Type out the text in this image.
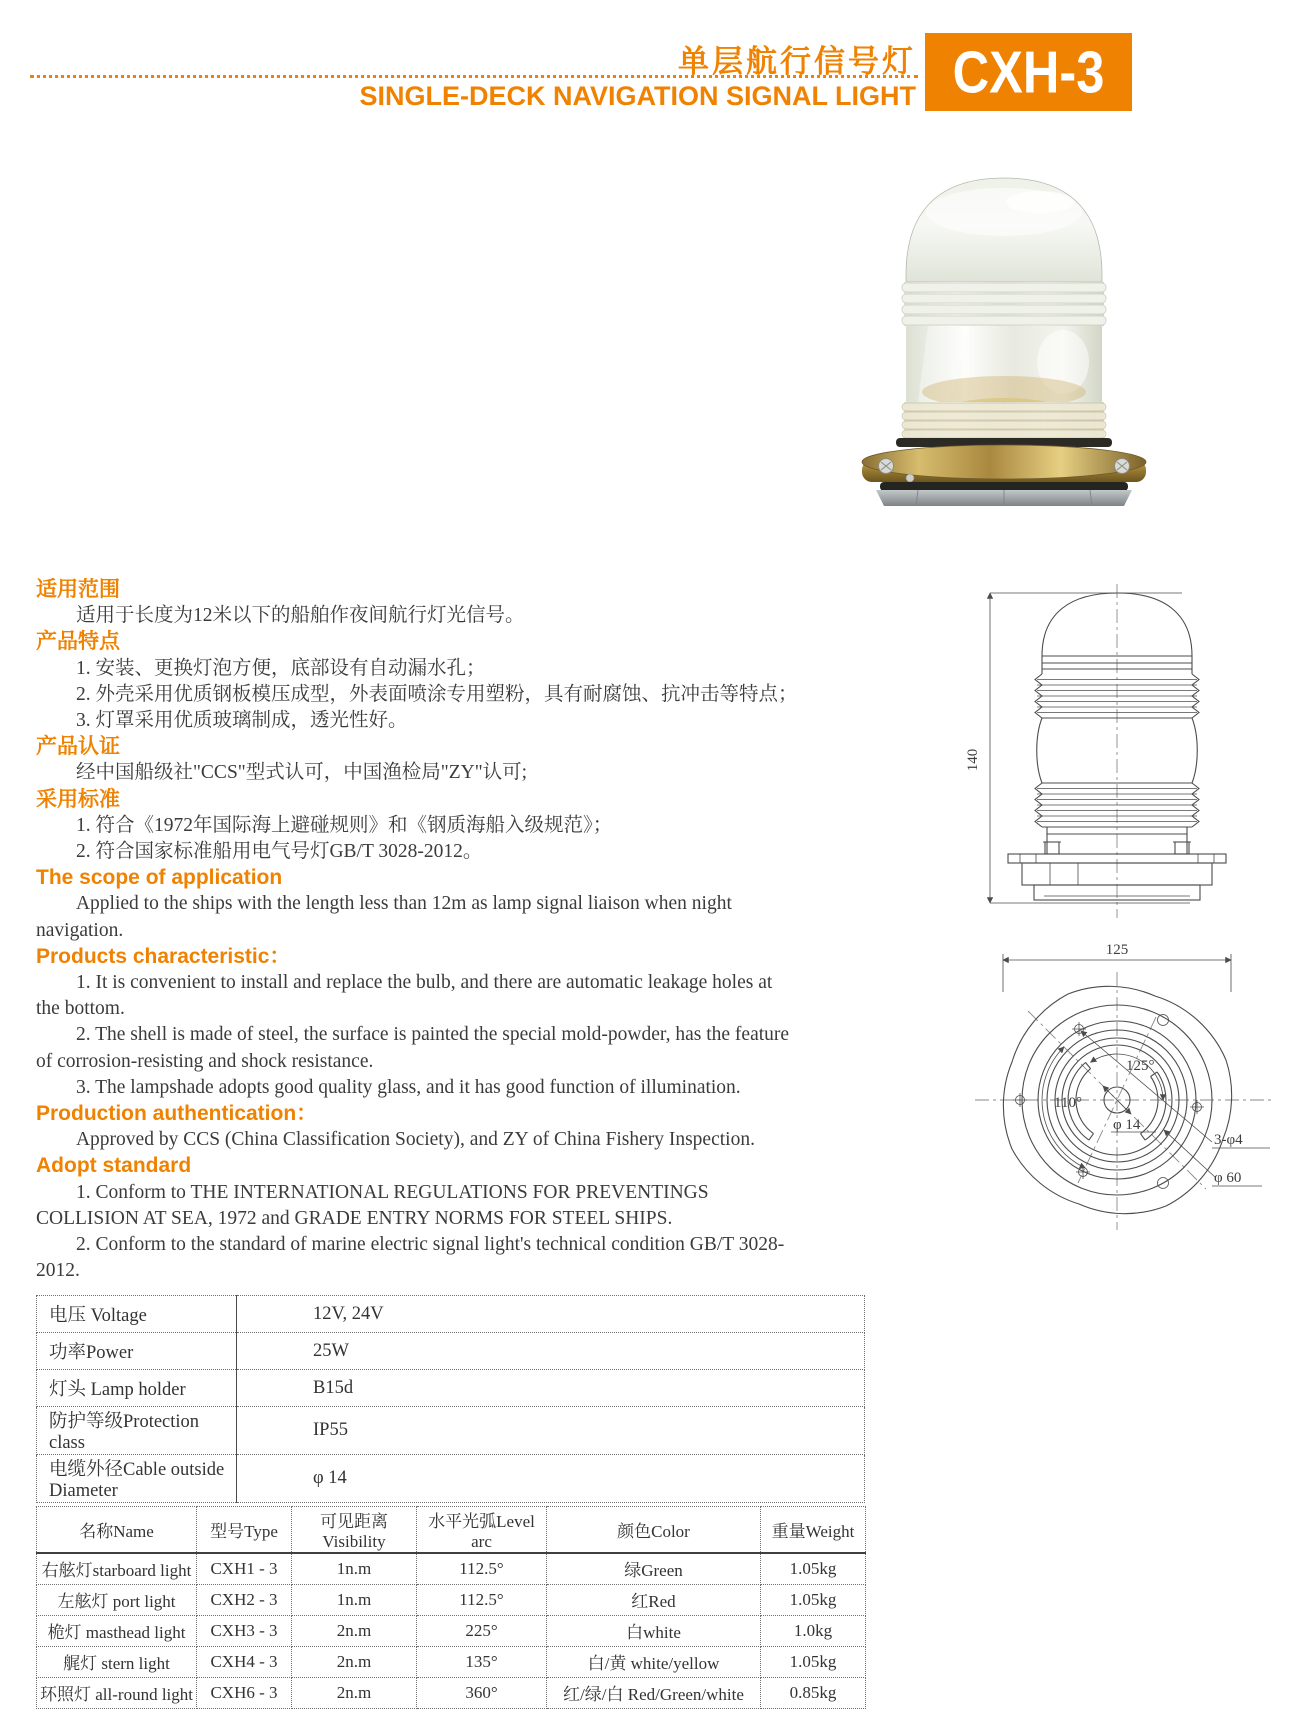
单层航行信号灯
SINGLE-DECK NAVIGATION SIGNAL LIGHT CXH-3
适用范围
适用于长度为12米以下的船舶作夜间航行灯光信号。
产品特点
1. 安装、更换灯泡方便，底部设有自动漏水孔；
2. 外壳采用优质钢板模压成型，外表面喷涂专用塑粉，具有耐腐蚀、抗冲击等特点；
3. 灯罩采用优质玻璃制成，透光性好。
产品认证
经中国船级社"CCS"型式认可，中国渔检局"ZY"认可;
采用标准
1. 符合《1972年国际海上避碰规则》和《钢质海船入级规范》；
2. 符合国家标准船用电气号灯GB/T 3028-2012。
The scope of application
Applied to the ships with the length less than 12m as lamp signal liaison when night navigation.
Products characteristic：
1. It is convenient to install and replace the bulb, and there are automatic leakage holes at the bottom.
2. The shell is made of steel, the surface is painted the special mold-powder, has the feature of corrosion-resisting and shock resistance.
3. The lampshade adopts good quality glass, and it has good function of illumination.
Production authentication：
Approved by CCS (China Classification Society), and ZY of China Fishery Inspection.
Adopt standard
1. Conform to THE INTERNATIONAL REGULATIONS FOR PREVENTINGS COLLISION AT SEA, 1972 and GRADE ENTRY NORMS FOR STEEL SHIPS.
2. Conform to the standard of marine electric signal light's technical condition GB/T 3028-2012.
140
125
125°
110°
φ 14
3-φ4
φ 60
电压 Voltage	12V, 24V
功率Power	25W
灯头 Lamp holder	B15d
防护等级Protection class	IP55
电缆外径Cable outside Diameter	φ 14
名称Name	型号Type	可见距离Visibility	水平光弧Level arc	颜色Color	重量Weight
右舷灯starboard light	CXH1 - 3	1n.m	112.5°	绿Green	1.05kg
左舷灯 port light	CXH2 - 3	1n.m	112.5°	红Red	1.05kg
桅灯 masthead light	CXH3 - 3	2n.m	225°	白white	1.0kg
艉灯 stern light	CXH4 - 3	2n.m	135°	白/黄 white/yellow	1.05kg
环照灯 all-round light	CXH6 - 3	2n.m	360°	红/绿/白 Red/Green/white	0.85kg
